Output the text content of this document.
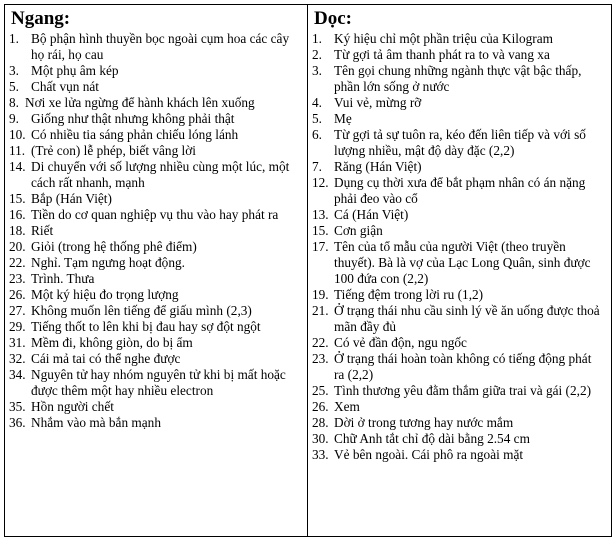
Ngang:
1. Bộ phận hình thuyền bọc ngoài cụm hoa các cây họ rái, họ cau
3. Một phụ âm kép
5. Chất vụn nát
8. Nơi xe lửa ngừng để hành khách lên xuống
9. Giống như thật nhưng không phải thật
10. Có nhiều tia sáng phản chiếu lóng lánh
11. (Trẻ con) lễ phép, biết vâng lời
14. Di chuyển với số lượng nhiều cùng một lúc, một cách rất nhanh, mạnh
15. Bắp (Hán Việt)
16. Tiền do cơ quan nghiệp vụ thu vào hay phát ra
18. Riết
20. Giỏi (trong hệ thống phê điểm)
22. Nghỉ. Tạm ngưng hoạt động.
23. Trình. Thưa
26. Một ký hiệu đo trọng lượng
27. Không muốn lên tiếng để giấu mình (2,3)
29. Tiếng thốt to lên khi bị đau hay sợ đột ngột
31. Mềm đi, không giòn, do bị ẩm
32. Cái mả tai có thể nghe được
34. Nguyên tử hay nhóm nguyên tử khi bị mất hoặc được thêm một hay nhiều electron
35. Hồn người chết
36. Nhắm vào mà bắn mạnh
Dọc:
1. Ký hiệu chỉ một phần triệu của Kilogram
2. Từ gợi tả âm thanh phát ra to và vang xa
3. Tên gọi chung những ngành thực vật bậc thấp, phần lớn sống ở nước
4. Vui vẻ, mừng rỡ
5. Mẹ
6. Từ gợi tả sự tuôn ra, kéo đến liên tiếp và với số lượng nhiều, mật độ dày đặc (2,2)
7. Răng (Hán Việt)
12. Dụng cụ thời xưa để bắt phạm nhân có án nặng phải đeo vào cổ
13. Cá (Hán Việt)
15. Cơn giận
17. Tên của tổ mẫu của người Việt (theo truyền thuyết). Bà là vợ của Lạc Long Quân, sinh được 100 đứa con (2,2)
19. Tiếng đệm trong lời ru (1,2)
21. Ở trạng thái nhu cầu sinh lý về ăn uống được thoả mãn đầy đủ
22. Có vẻ đần độn, ngu ngốc
23. Ở trạng thái hoàn toàn không có tiếng động phát ra (2,2)
25. Tình thương yêu đằm thắm giữa trai và gái (2,2)
26. Xem
28. Dời ở trong tương hay nước mắm
30. Chữ Anh tắt chỉ độ dài bằng 2.54 cm
33. Vẻ bên ngoài. Cái phô ra ngoài mặt
